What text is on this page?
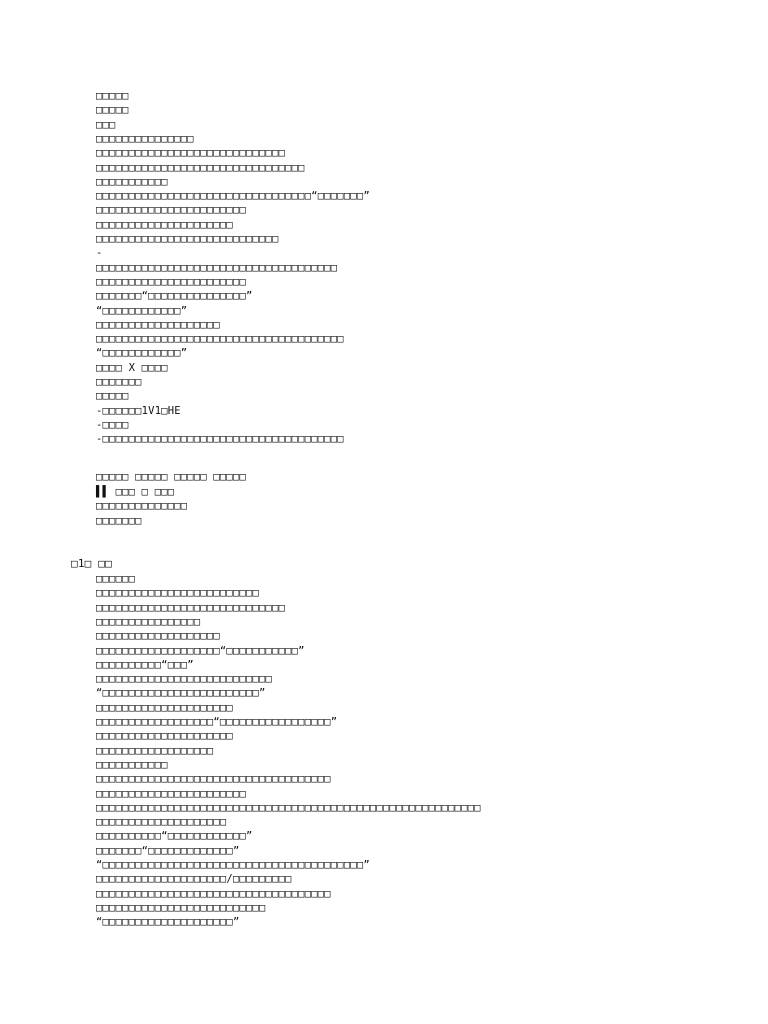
□□□□□
□□□□□
□□□
□□□□□□□□□□□□□□□
□□□□□□□□□□□□□□□□□□□□□□□□□□□□□
□□□□□□□□□□□□□□□□□□□□□□□□□□□□□□□□
□□□□□□□□□□□
□□□□□□□□□□□□□□□□□□□□□□□□□□□□□□□□□“□□□□□□□”
□□□□□□□□□□□□□□□□□□□□□□□
□□□□□□□□□□□□□□□□□□□□□
□□□□□□□□□□□□□□□□□□□□□□□□□□□□
-
□□□□□□□□□□□□□□□□□□□□□□□□□□□□□□□□□□□□□
□□□□□□□□□□□□□□□□□□□□□□□
□□□□□□□“□□□□□□□□□□□□□□□”
“□□□□□□□□□□□□”
□□□□□□□□□□□□□□□□□□□
□□□□□□□□□□□□□□□□□□□□□□□□□□□□□□□□□□□□□□
“□□□□□□□□□□□□”
□□□□ X □□□□
□□□□□□□
□□□□□
-□□□□□□1V1□HE
-□□□□
-□□□□□□□□□□□□□□□□□□□□□□□□□□□□□□□□□□□□□
□□□□□ □□□□□ □□□□□ □□□□□
▌▌ □□□ □ □□□
□□□□□□□□□□□□□□
□□□□□□□
□1□ □□
□□□□□□
□□□□□□□□□□□□□□□□□□□□□□□□□
□□□□□□□□□□□□□□□□□□□□□□□□□□□□□
□□□□□□□□□□□□□□□□
□□□□□□□□□□□□□□□□□□□
□□□□□□□□□□□□□□□□□□□“□□□□□□□□□□□”
□□□□□□□□□□“□□□”
□□□□□□□□□□□□□□□□□□□□□□□□□□□
“□□□□□□□□□□□□□□□□□□□□□□□□”
□□□□□□□□□□□□□□□□□□□□□
□□□□□□□□□□□□□□□□□□“□□□□□□□□□□□□□□□□□”
□□□□□□□□□□□□□□□□□□□□□
□□□□□□□□□□□□□□□□□□
□□□□□□□□□□□
□□□□□□□□□□□□□□□□□□□□□□□□□□□□□□□□□□□□
□□□□□□□□□□□□□□□□□□□□□□□
□□□□□□□□□□□□□□□□□□□□□□□□□□□□□□□□□□□□□□□□□□□□□□□□□□□□□□□□□□□
□□□□□□□□□□□□□□□□□□□□
□□□□□□□□□□“□□□□□□□□□□□□”
□□□□□□□“□□□□□□□□□□□□□”
“□□□□□□□□□□□□□□□□□□□□□□□□□□□□□□□□□□□□□□□□”
□□□□□□□□□□□□□□□□□□□□/□□□□□□□□□
□□□□□□□□□□□□□□□□□□□□□□□□□□□□□□□□□□□□
□□□□□□□□□□□□□□□□□□□□□□□□□□
“□□□□□□□□□□□□□□□□□□□□”
